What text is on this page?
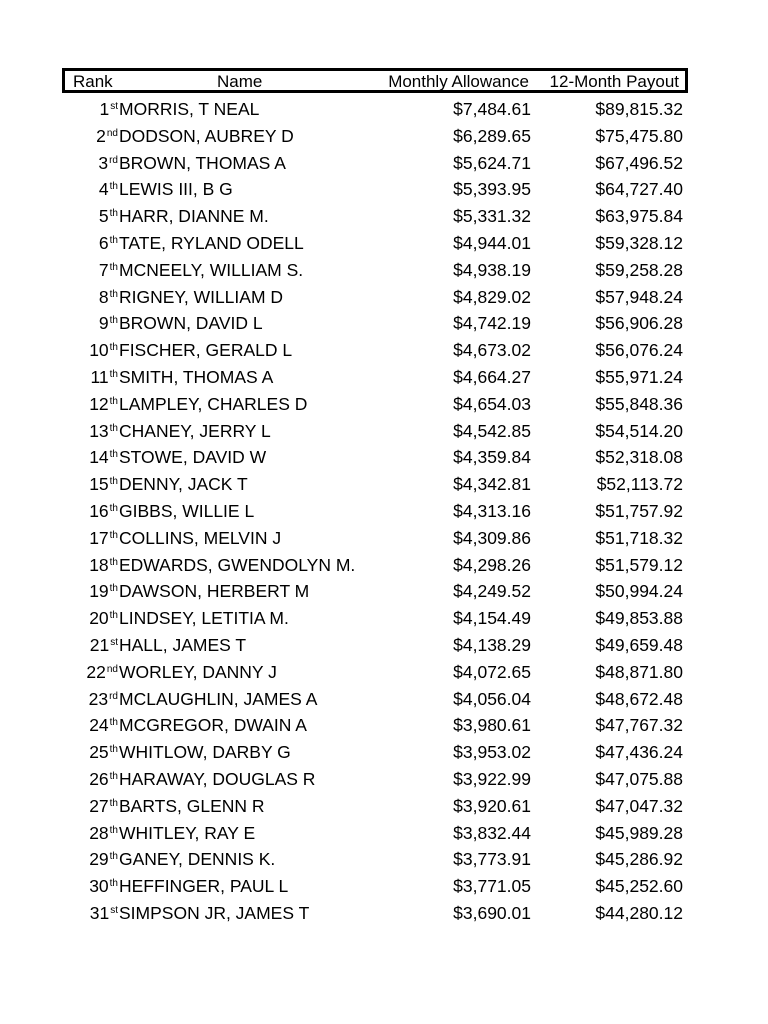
Rank	Name	Monthly Allowance 12-Month Payout
1st MORRIS, T NEAL	$7,484.61	$89,815.32
2nd DODSON, AUBREY D	$6,289.65	$75,475.80
3rd BROWN, THOMAS A	$5,624.71	$67,496.52
4th LEWIS III, B G	$5,393.95	$64,727.40
5th HARR, DIANNE M.	$5,331.32	$63,975.84
6th TATE, RYLAND ODELL	$4,944.01	$59,328.12
7th MCNEELY, WILLIAM S.	$4,938.19	$59,258.28
8th RIGNEY, WILLIAM D	$4,829.02	$57,948.24
9th BROWN, DAVID L	$4,742.19	$56,906.28
10th FISCHER, GERALD L	$4,673.02	$56,076.24
11th SMITH, THOMAS A	$4,664.27	$55,971.24
12th LAMPLEY, CHARLES D	$4,654.03	$55,848.36
13th CHANEY, JERRY L	$4,542.85	$54,514.20
14th STOWE, DAVID W	$4,359.84	$52,318.08
15th DENNY, JACK T	$4,342.81	$52,113.72
16th GIBBS, WILLIE L	$4,313.16	$51,757.92
17th COLLINS, MELVIN J	$4,309.86	$51,718.32
18th EDWARDS, GWENDOLYN M.	$4,298.26	$51,579.12
19th DAWSON, HERBERT M	$4,249.52	$50,994.24
20th LINDSEY, LETITIA M.	$4,154.49	$49,853.88
21st HALL, JAMES T	$4,138.29	$49,659.48
22nd WORLEY, DANNY J	$4,072.65	$48,871.80
23rd MCLAUGHLIN, JAMES A	$4,056.04	$48,672.48
24th MCGREGOR, DWAIN A	$3,980.61	$47,767.32
25th WHITLOW, DARBY G	$3,953.02	$47,436.24
26th HARAWAY, DOUGLAS R	$3,922.99	$47,075.88
27th BARTS, GLENN R	$3,920.61	$47,047.32
28th WHITLEY, RAY E	$3,832.44	$45,989.28
29th GANEY, DENNIS K.	$3,773.91	$45,286.92
30th HEFFINGER, PAUL L	$3,771.05	$45,252.60
31st SIMPSON JR, JAMES T	$3,690.01	$44,280.12
